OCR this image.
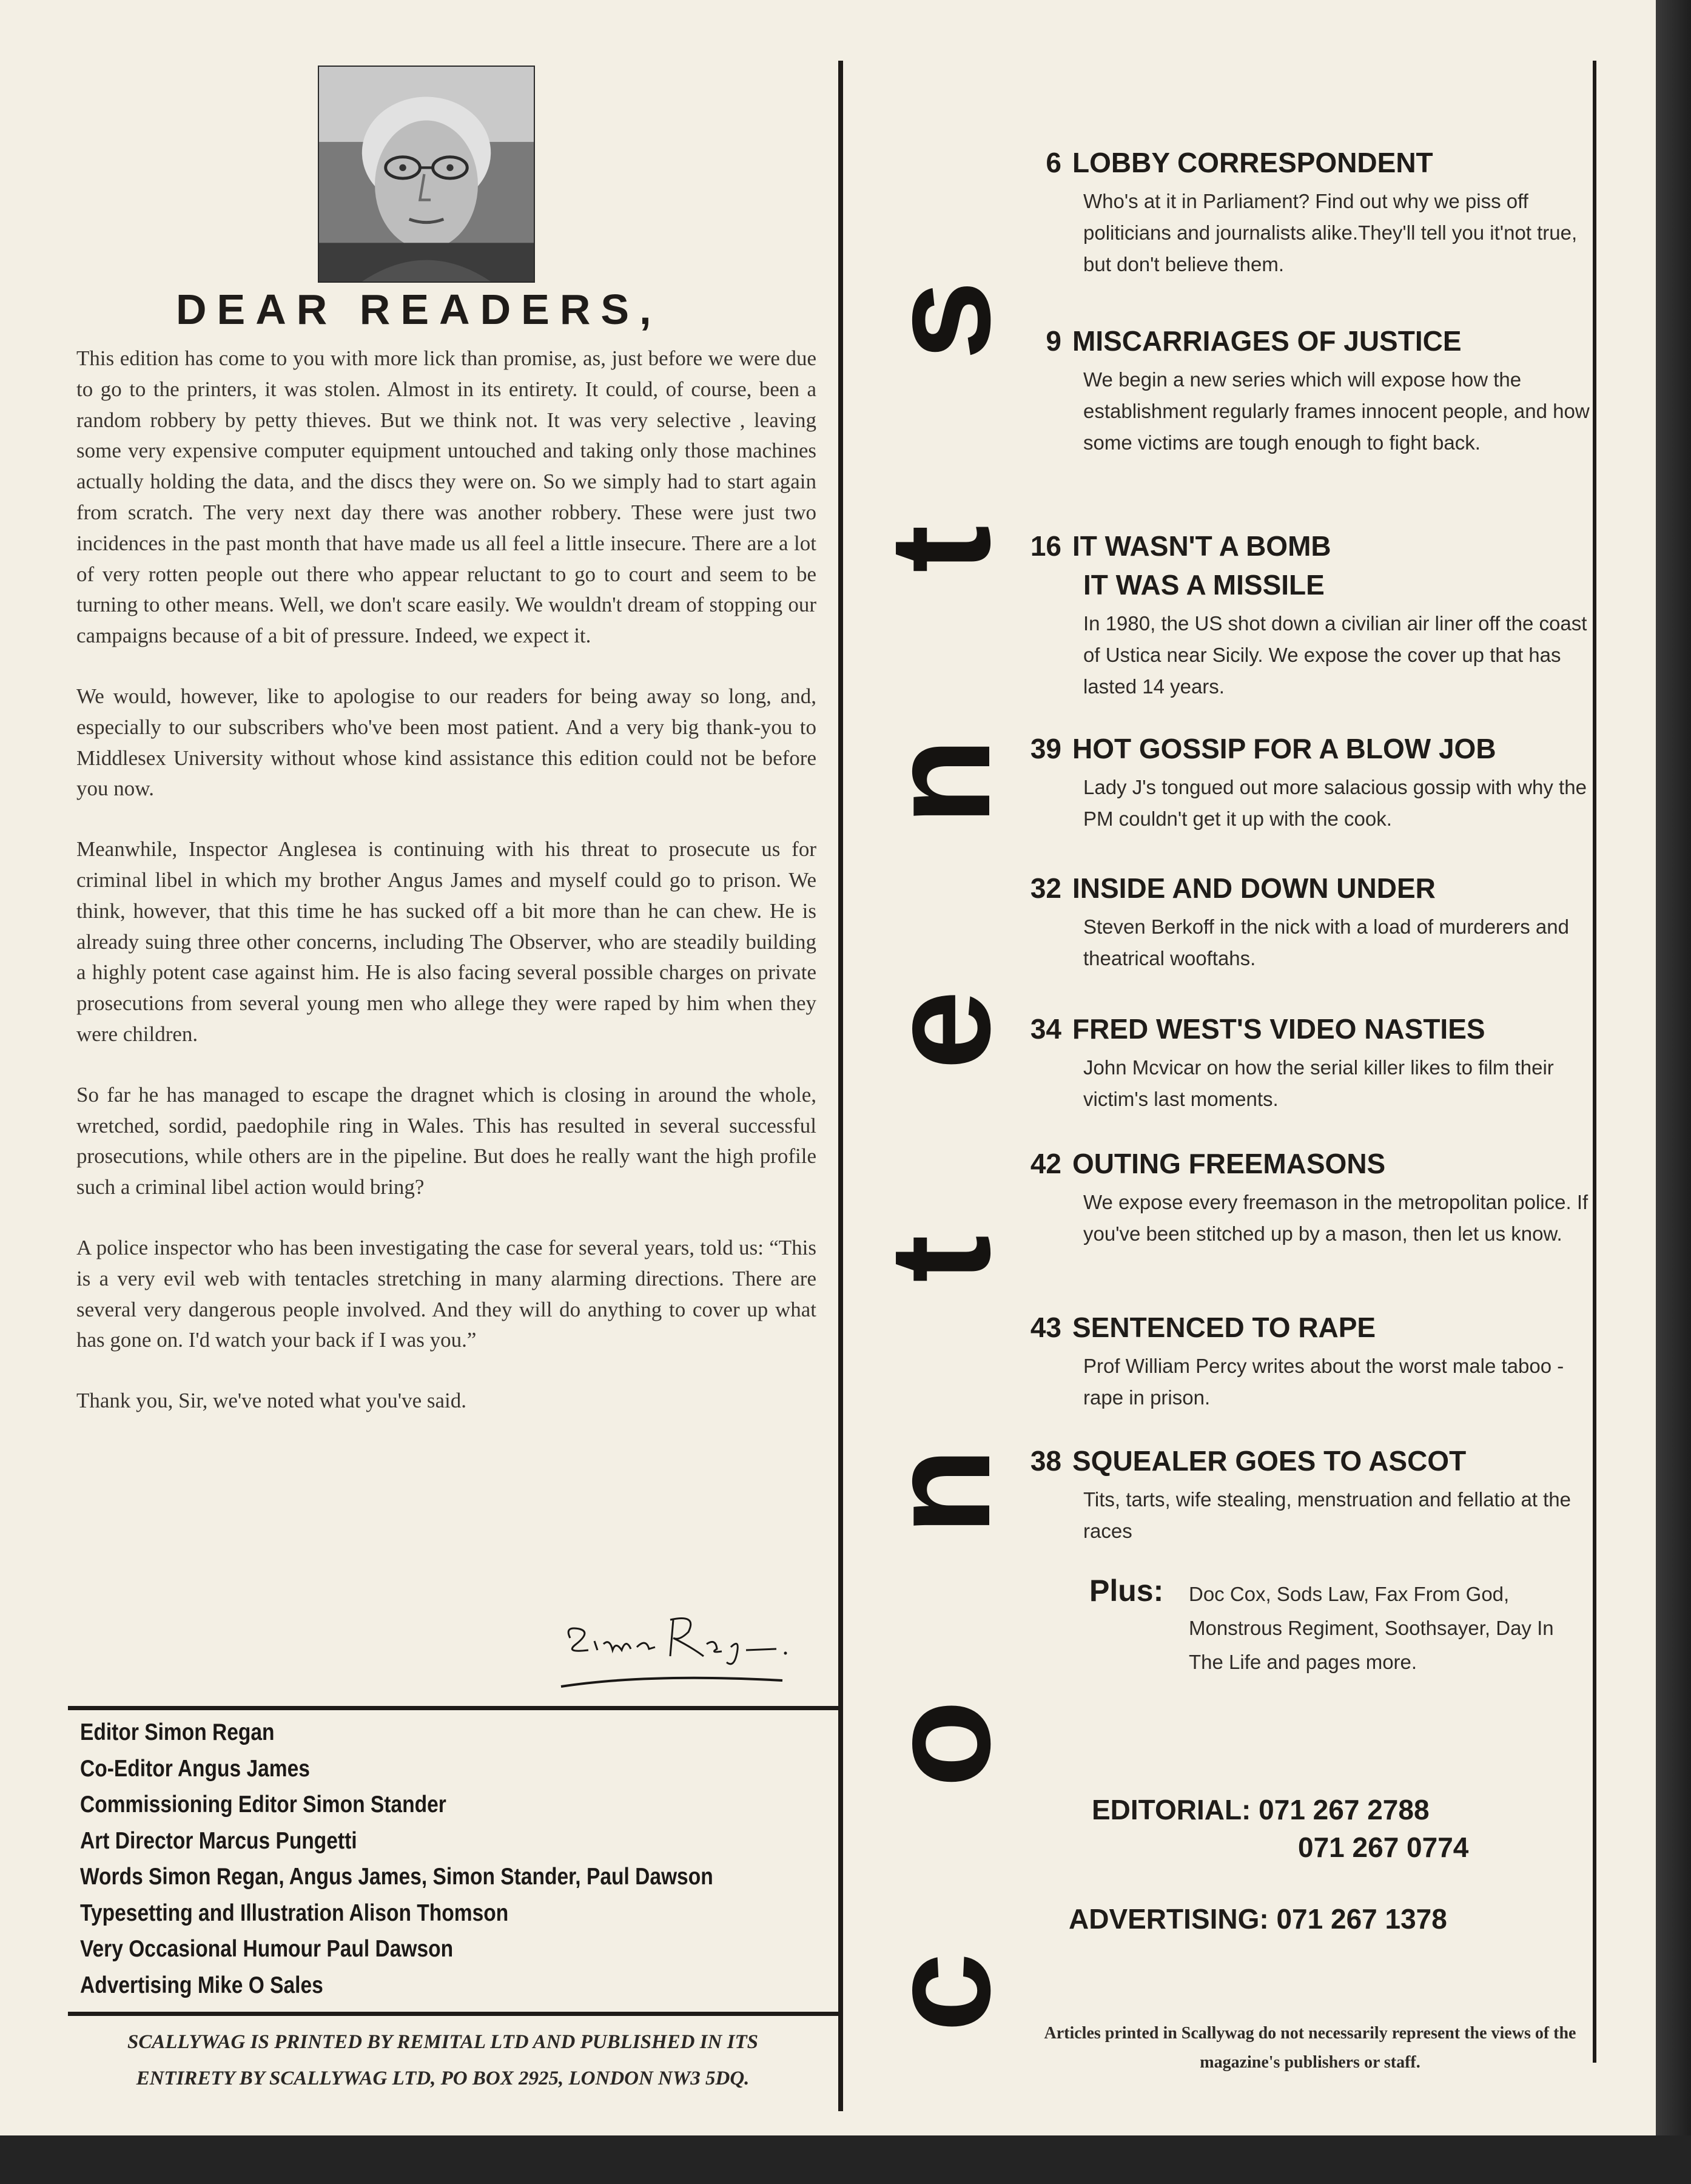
DEAR READERS,

This edition has come to you with more lick than promise, as, just before we were due to go to the printers, it was stolen. Almost in its entirety. It could, of course, been a random robbery by petty thieves. But we think not. It was very selective , leaving some very expensive computer equipment untouched and taking only those machines actually holding the data, and the discs they were on. So we simply had to start again from scratch. The very next day there was another robbery. These were just two incidences in the past month that have made us all feel a little insecure. There are a lot of very rotten people out there who appear reluctant to go to court and seem to be turning to other means. Well, we don't scare easily. We wouldn't dream of stopping our campaigns because of a bit of pressure. Indeed, we expect it.

We would, however, like to apologise to our readers for being away so long, and, especially to our subscribers who've been most patient. And a very big thank-you to Middlesex University without whose kind assistance this edition could not be before you now.

Meanwhile, Inspector Anglesea is continuing with his threat to prosecute us for criminal libel in which my brother Angus James and myself could go to prison. We think, however, that this time he has sucked off a bit more than he can chew. He is already suing three other concerns, including The Observer, who are steadily building a highly potent case against him. He is also facing several possible charges on private prosecutions from several young men who allege they were raped by him when they were children.

So far he has managed to escape the dragnet which is closing in around the whole, wretched, sordid, paedophile ring in Wales. This has resulted in several successful prosecutions, while others are in the pipeline. But does he really want the high profile such a criminal libel action would bring?

A police inspector who has been investigating the case for several years, told us: “This is a very evil web with tentacles stretching in many alarming directions. There are several very dangerous people involved. And they will do anything to cover up what has gone on. I'd watch your back if I was you.”

Thank you, Sir, we've noted what you've said.

Editor Simon Regan
Co-Editor Angus James
Commissioning Editor Simon Stander
Art Director Marcus Pungetti
Words Simon Regan, Angus James, Simon Stander, Paul Dawson
Typesetting and Illustration Alison Thomson
Very Occasional Humour Paul Dawson
Advertising Mike O Sales
SCALLYWAG IS PRINTED BY REMITAL LTD AND PUBLISHED IN ITS
ENTIRETY BY SCALLYWAG LTD, PO BOX 2925, LONDON NW3 5DQ.
contents 6 LOBBY CORRESPONDENT
Who's at it in Parliament? Find out why we piss off politicians and journalists alike.They'll tell you it'not true, but don't believe them.
9 MISCARRIAGES OF JUSTICE
We begin a new series which will expose how the establishment regularly frames innocent people, and how some victims are tough enough to fight back.
16 IT WASN'T A BOMB
IT WAS A MISSILE
In 1980, the US shot down a civilian air liner off the coast of Ustica near Sicily. We expose the cover up that has lasted 14 years.
39 HOT GOSSIP FOR A BLOW JOB
Lady J's tongued out more salacious gossip with why the PM couldn't get it up with the cook.
32 INSIDE AND DOWN UNDER
Steven Berkoff in the nick with a load of murderers and theatrical wooftahs.
34 FRED WEST'S VIDEO NASTIES
John Mcvicar on how the serial killer likes to film their victim's last moments.
42 OUTING FREEMASONS
We expose every freemason in the metropolitan police. If you've been stitched up by a mason, then let us know.
43 SENTENCED TO RAPE
Prof William Percy writes about the worst male taboo - rape in prison.
38 SQUEALER GOES TO ASCOT
Tits, tarts, wife stealing, menstruation and fellatio at the races
Plus:	Doc Cox, Sods Law, Fax From God, Monstrous Regiment, Soothsayer, Day In The Life and pages more.
EDITORIAL: 071 267 2788
071 267 0774
ADVERTISING: 071 267 1378
Articles printed in Scallywag do not necessarily represent the views of the magazine's publishers or staff.
